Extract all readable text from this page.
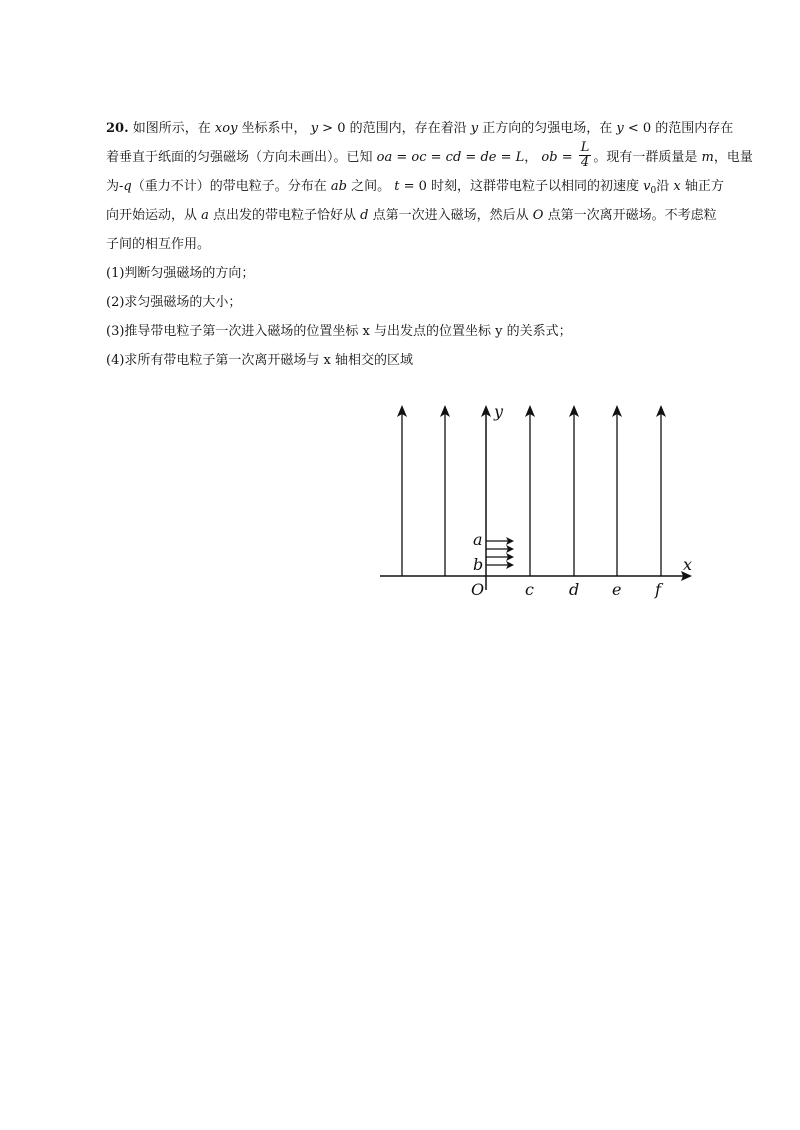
20. 如图所示，在 xoy 坐标系中， y > 0 的范围内，存在着沿 y 正方向的匀强电场，在 y < 0 的范围内存在
着垂直于纸面的匀强磁场（方向未画出）。已知 oa = oc = cd = de = L， ob = $\frac{L}{4}$ 。现有一群质量是 m，电量
为-q（重力不计）的带电粒子。分布在 ab 之间。 t = 0 时刻，这群带电粒子以相同的初速度 $v_0$沿 x 轴正方
向开始运动，从 a 点出发的带电粒子恰好从 d 点第一次进入磁场，然后从 O 点第一次离开磁场。不考虑粒
子间的相互作用。
(1)判断匀强磁场的方向；
(2)求匀强磁场的大小；
(3)推导带电粒子第一次进入磁场的位置坐标 x 与出发点的位置坐标 y 的关系式；
(4)求所有带电粒子第一次离开磁场与 x 轴相交的区域
y
x
O
a
b
c d e f
